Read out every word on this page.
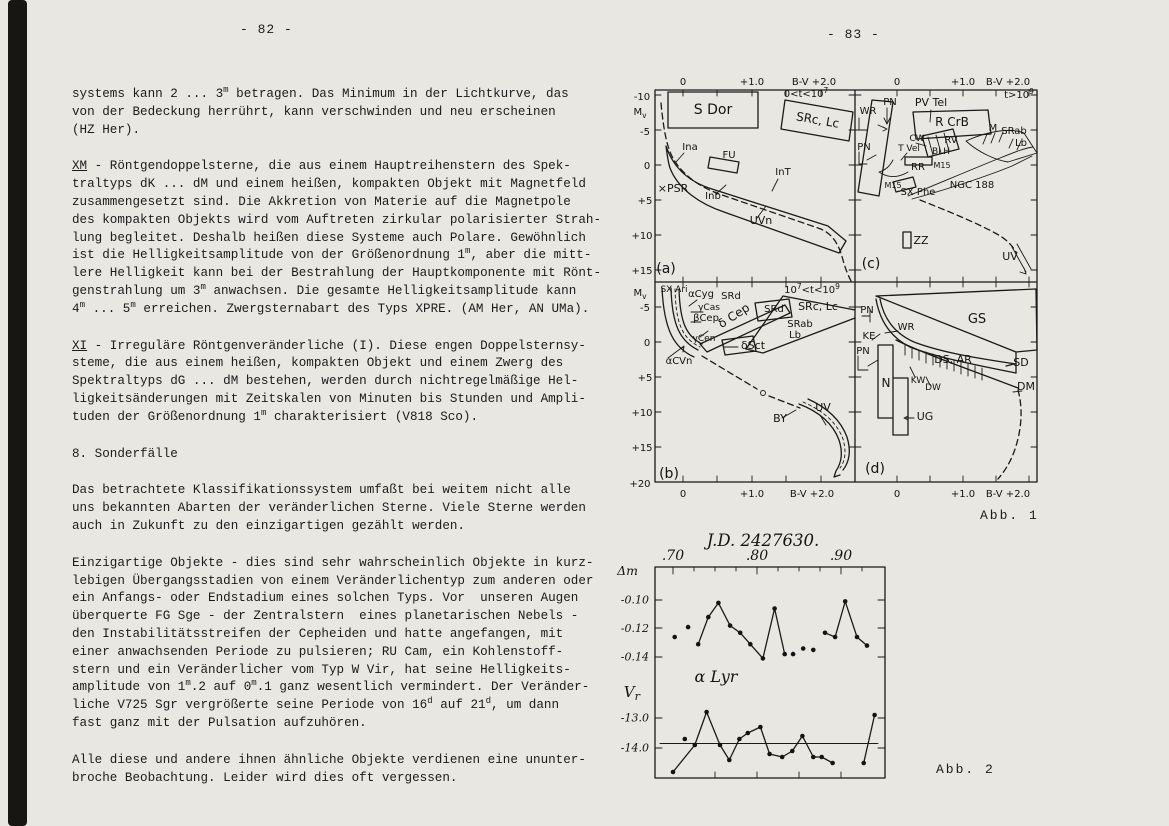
- 82 -
systems kann 2 ... 3$^m$ betragen. Das Minimum in der Lichtkurve, das
von der Bedeckung herrührt, kann verschwinden und neu erscheinen
(HZ Her).
XM - Röntgendoppelsterne, die aus einem Hauptreihenstern des Spek-
traltyps dK ... dM und einem heißen, kompakten Objekt mit Magnetfeld
zusammengesetzt sind. Die Akkretion von Materie auf die Magnetpole
des kompakten Objekts wird vom Auftreten zirkular polarisierter Strah-
lung begleitet. Deshalb heißen diese Systeme auch Polare. Gewöhnlich
ist die Helligkeitsamplitude von der Größenordnung 1$^m$, aber die mitt-
lere Helligkeit kann bei der Bestrahlung der Hauptkomponente mit Rönt-
genstrahlung um 3$^m$ anwachsen. Die gesamte Helligkeitsamplitude kann
4$^m$ ... 5$^m$ erreichen. Zwergsternabart des Typs XPRE. (AM Her, AN UMa).
XI - Irreguläre Röntgenveränderliche (I). Diese engen Doppelsternsy-
steme, die aus einem heißen, kompakten Objekt und einem Zwerg des
Spektraltyps dG ... dM bestehen, werden durch nichtregelmäßige Hel-
ligkeitsänderungen mit Zeitskalen von Minuten bis Stunden und Ampli-
tuden der Größenordnung 1$^m$ charakterisiert (V818 Sco).
8. Sonderfälle
Das betrachtete Klassifikationssystem umfaßt bei weitem nicht alle
uns bekannten Abarten der veränderlichen Sterne. Viele Sterne werden
auch in Zukunft zu den einzigartigen gezählt werden.
Einzigartige Objekte - dies sind sehr wahrscheinlich Objekte in kurz-
lebigen Übergangsstadien von einem Veränderlichentyp zum anderen oder
ein Anfangs- oder Endstadium eines solchen Typs. Vor  unseren Augen
überquerte FG Sge - der Zentralstern  eines planetarischen Nebels -
den Instabilitätsstreifen der Cepheiden und hatte angefangen, mit
einer anwachsenden Periode zu pulsieren; RU Cam, ein Kohlenstoff-
stern und ein Veränderlicher vom Typ W Vir, hat seine Helligkeits-
amplitude von 1$^m$.2 auf 0$^m$.1 ganz wesentlich vermindert. Der Veränder-
liche V725 Sgr vergrößerte seine Periode von 16$^d$ auf 21$^d$, um dann
fast ganz mit der Pulsation aufzuhören.
Alle diese und andere ihnen ähnliche Objekte verdienen eine ununter-
broche Beobachtung. Leider wird dies oft vergessen.
- 83 -
0	+1.0	B-V +2.0
-10
$M_v$
-5
0
+5
+10
+15
0	+1.0 B-V +2.0
$t>10^9$
$M_v$
-5
0
+5
+10
+15
+20
0	+1.0	B-V +2.0	0	+1.0 B-V +2.0
$10^7<t<10^9$
(a)
(b)
(c)
(d)
S Dor
$0<t<10^7$
SRc, Lc
Ina
FU
InT
Inb
×PSR
UVn
SX Ari αCyg SRd
γCas
βCep
δ Cep SRd SRc, Lc
SRab
Lb
γCen δSct
αCVn
BY
UV
PN PV Tel
WR
PN
R CrB
CW RV
T Vel BLH
RR M15
M SRab
Lb
M15
SX Phe
NGC 188
ZZ
UV
PN
WR
KE
PN
GS
DS, AR	SD
N KW
DW	DM
UG
Abb. 1
J.D. 2427630.
.70	.80	.90
Δm
$V_r$
α Lyr
-0.10
-0.12
-0.14
-13.0
-14.0
Abb. 2
